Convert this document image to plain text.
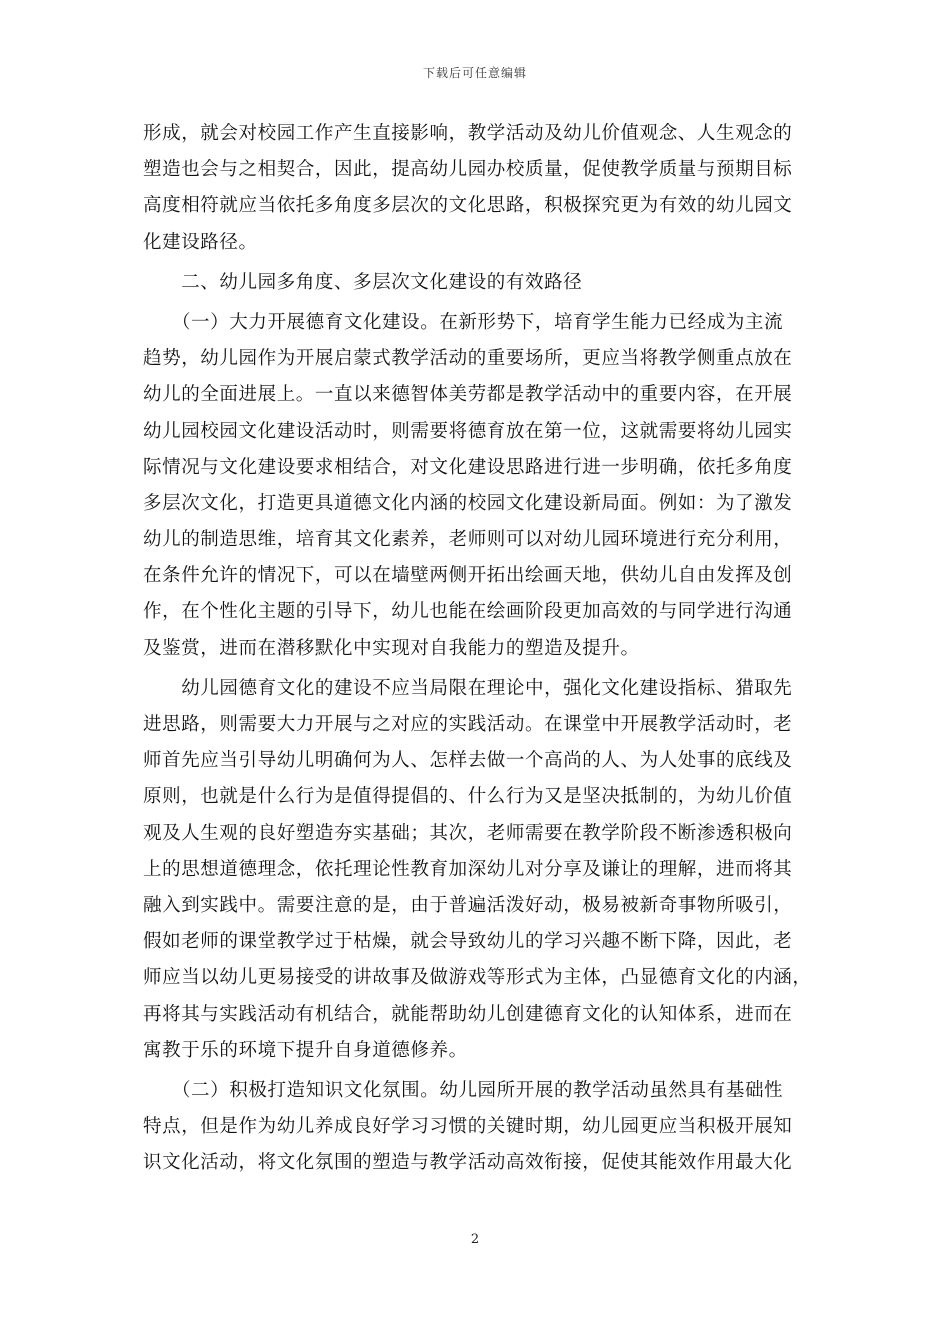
下载后可任意编辑
形成，就会对校园工作产生直接影响，教学活动及幼儿价值观念、人生观念的
塑造也会与之相契合，因此，提高幼儿园办校质量，促使教学质量与预期目标
高度相符就应当依托多角度多层次的文化思路，积极探究更为有效的幼儿园文
化建设路径。
　　二、幼儿园多角度、多层次文化建设的有效路径
　　（一）大力开展德育文化建设。在新形势下，培育学生能力已经成为主流
趋势，幼儿园作为开展启蒙式教学活动的重要场所，更应当将教学侧重点放在
幼儿的全面进展上。一直以来德智体美劳都是教学活动中的重要内容，在开展
幼儿园校园文化建设活动时，则需要将德育放在第一位，这就需要将幼儿园实
际情况与文化建设要求相结合，对文化建设思路进行进一步明确，依托多角度
多层次文化，打造更具道德文化内涵的校园文化建设新局面。例如：为了激发
幼儿的制造思维，培育其文化素养，老师则可以对幼儿园环境进行充分利用，
在条件允许的情况下，可以在墙壁两侧开拓出绘画天地，供幼儿自由发挥及创
作，在个性化主题的引导下，幼儿也能在绘画阶段更加高效的与同学进行沟通
及鉴赏，进而在潜移默化中实现对自我能力的塑造及提升。
　　幼儿园德育文化的建设不应当局限在理论中，强化文化建设指标、猎取先
进思路，则需要大力开展与之对应的实践活动。在课堂中开展教学活动时，老
师首先应当引导幼儿明确何为人、怎样去做一个高尚的人、为人处事的底线及
原则，也就是什么行为是值得提倡的、什么行为又是坚决抵制的，为幼儿价值
观及人生观的良好塑造夯实基础；其次，老师需要在教学阶段不断渗透积极向
上的思想道德理念，依托理论性教育加深幼儿对分享及谦让的理解，进而将其
融入到实践中。需要注意的是，由于普遍活泼好动，极易被新奇事物所吸引，
假如老师的课堂教学过于枯燥，就会导致幼儿的学习兴趣不断下降，因此，老
师应当以幼儿更易接受的讲故事及做游戏等形式为主体，凸显德育文化的内涵，
再将其与实践活动有机结合，就能帮助幼儿创建德育文化的认知体系，进而在
寓教于乐的环境下提升自身道德修养。
　　（二）积极打造知识文化氛围。幼儿园所开展的教学活动虽然具有基础性
特点，但是作为幼儿养成良好学习习惯的关键时期，幼儿园更应当积极开展知
识文化活动，将文化氛围的塑造与教学活动高效衔接，促使其能效作用最大化
2
